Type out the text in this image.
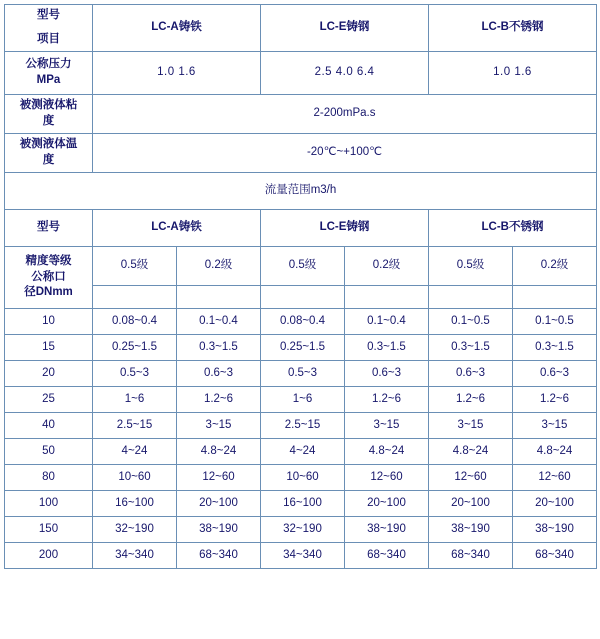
型号
项目	LC-A铸铁		LC-E铸钢		LC-B不锈钢	

公称压力
MPa	1.0 1.6		2.5 4.0 6.4		1.0 1.6	

被测液体粘
度	2-200mPa.s					

被测液体温
度	-20℃~+100℃					
流量范围m3/h						
型号	LC-A铸铁		LC-E铸钢		LC-B不锈钢	

精度等级
公称口
径DNmm	0.5级	0.2级	0.5级	0.2级	0.5级	0.2级

10	0.08~0.4	0.1~0.4	0.08~0.4	0.1~0.4	0.1~0.5	0.1~0.5
15	0.25~1.5	0.3~1.5	0.25~1.5	0.3~1.5	0.3~1.5	0.3~1.5
20	0.5~3	0.6~3	0.5~3	0.6~3	0.6~3	0.6~3
25	1~6	1.2~6	1~6	1.2~6	1.2~6	1.2~6
40	2.5~15	3~15	2.5~15	3~15	3~15	3~15
50	4~24	4.8~24	4~24	4.8~24	4.8~24	4.8~24
80	10~60	12~60	10~60	12~60	12~60	12~60
100	16~100	20~100	16~100	20~100	20~100	20~100
150	32~190	38~190	32~190	38~190	38~190	38~190
200	34~340	68~340	34~340	68~340	68~340	68~340
